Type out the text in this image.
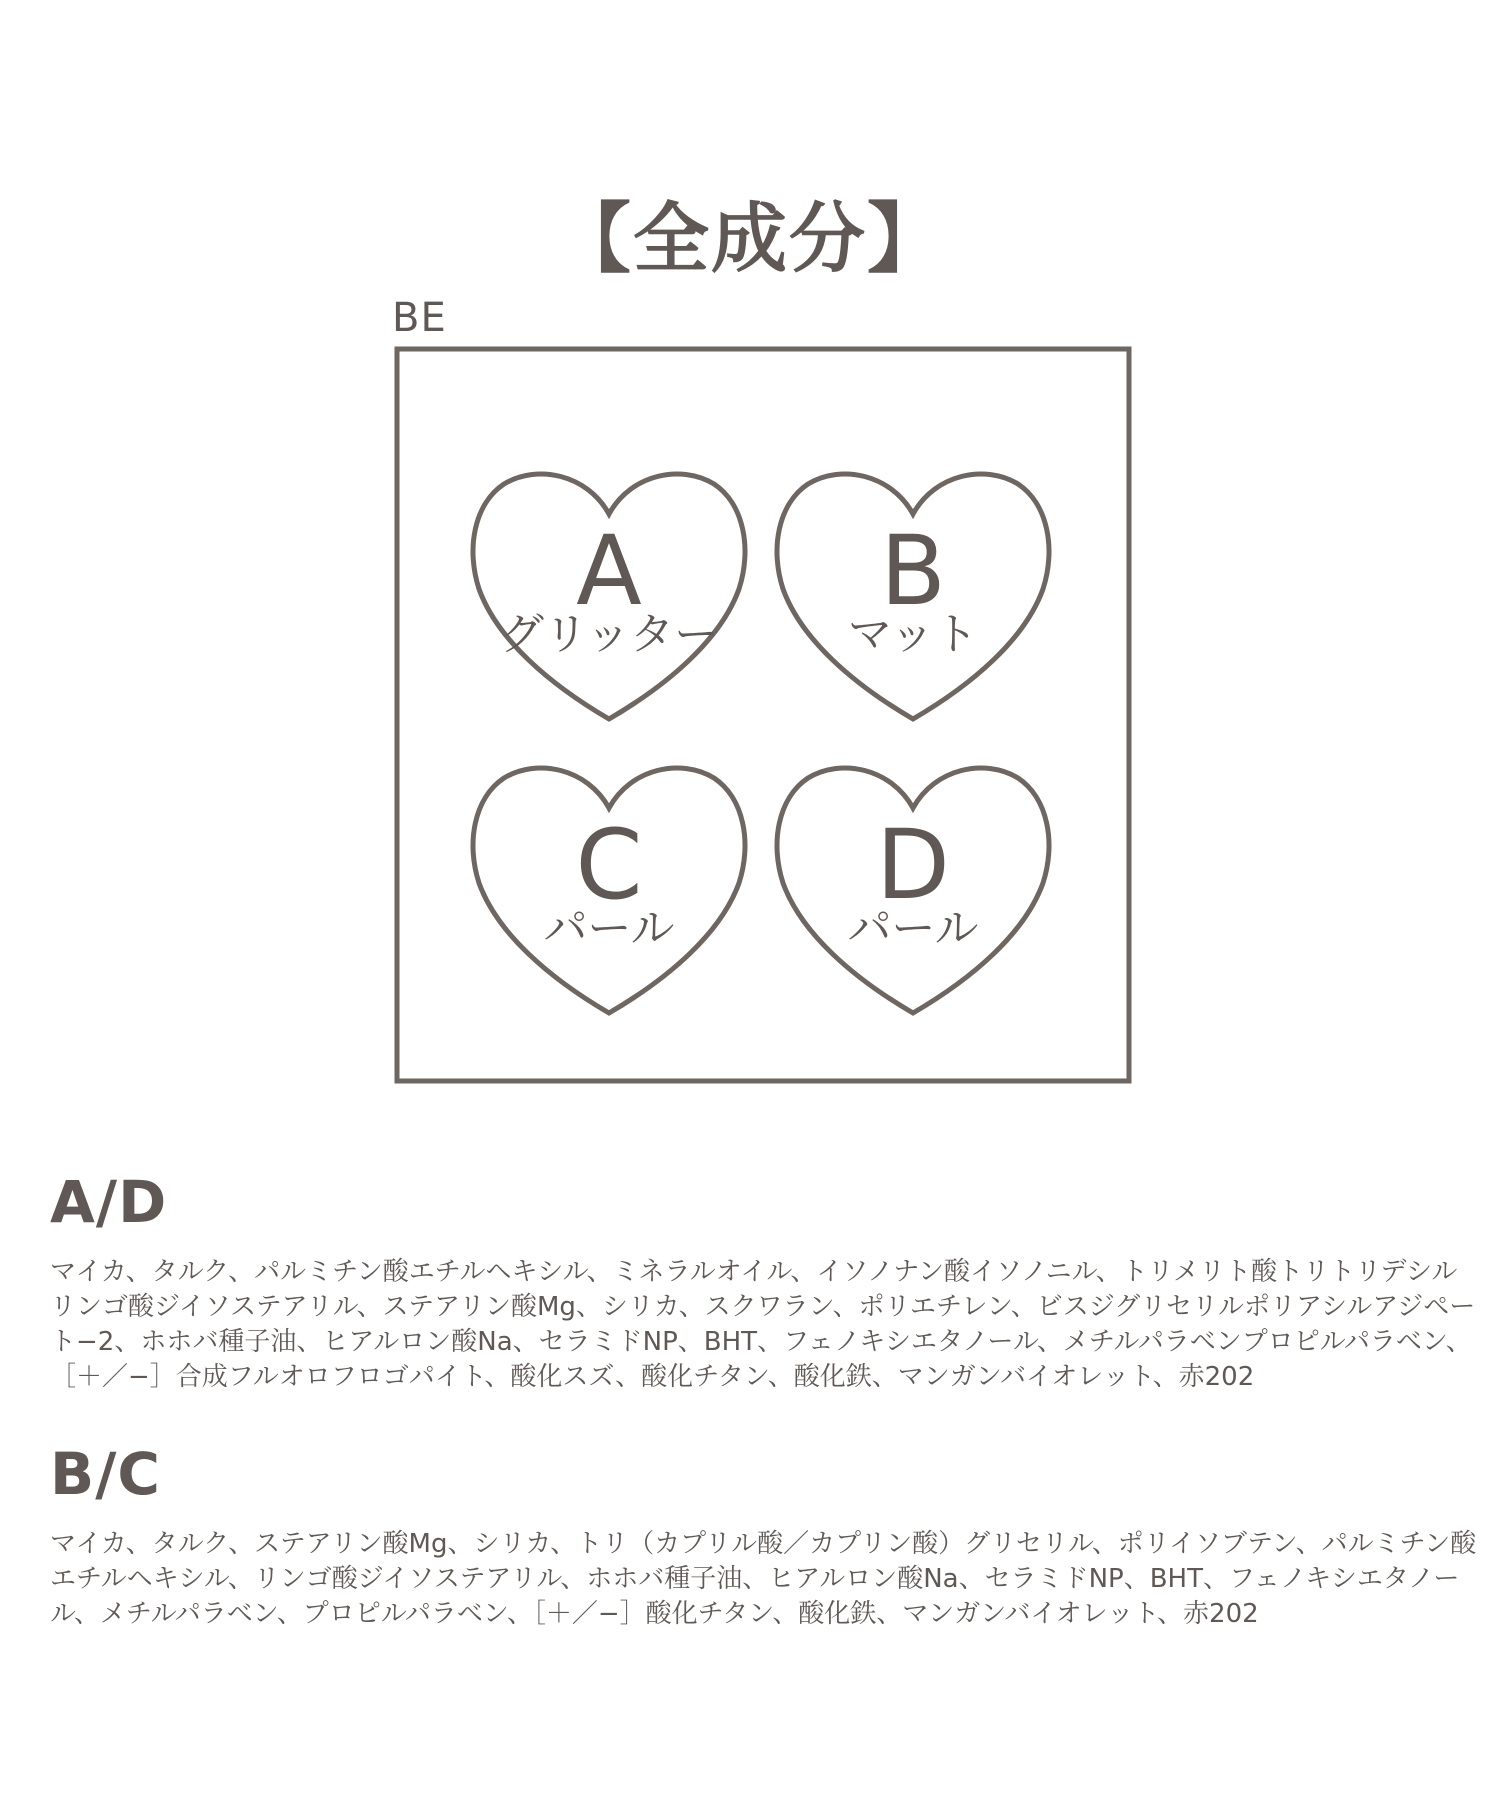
【全成分】
BE
A
グリッター
B
マット
C
パール
D
パール
A/D

マイカ、タルク、パルミチン酸エチルヘキシル、ミネラルオイル、イソノナン酸イソノニル、トリメリト酸トリトリデシルリンゴ酸ジイソステアリル、ステアリン酸Mg、シリカ、スクワラン、ポリエチレン、ビスジグリセリルポリアシルアジペート−2、ホホバ種子油、ヒアルロン酸Na、セラミドNP、BHT、フェノキシエタノール、メチルパラベンプロピルパラベン、［＋／−］合成フルオロフロゴパイト、酸化スズ、酸化チタン、酸化鉄、マンガンバイオレット、赤202

B/C

マイカ、タルク、ステアリン酸Mg、シリカ、トリ（カプリル酸／カプリン酸）グリセリル、ポリイソブテン、パルミチン酸エチルヘキシル、リンゴ酸ジイソステアリル、ホホバ種子油、ヒアルロン酸Na、セラミドNP、BHT、フェノキシエタノール、メチルパラベン、プロピルパラベン、［＋／−］酸化チタン、酸化鉄、マンガンバイオレット、赤202
